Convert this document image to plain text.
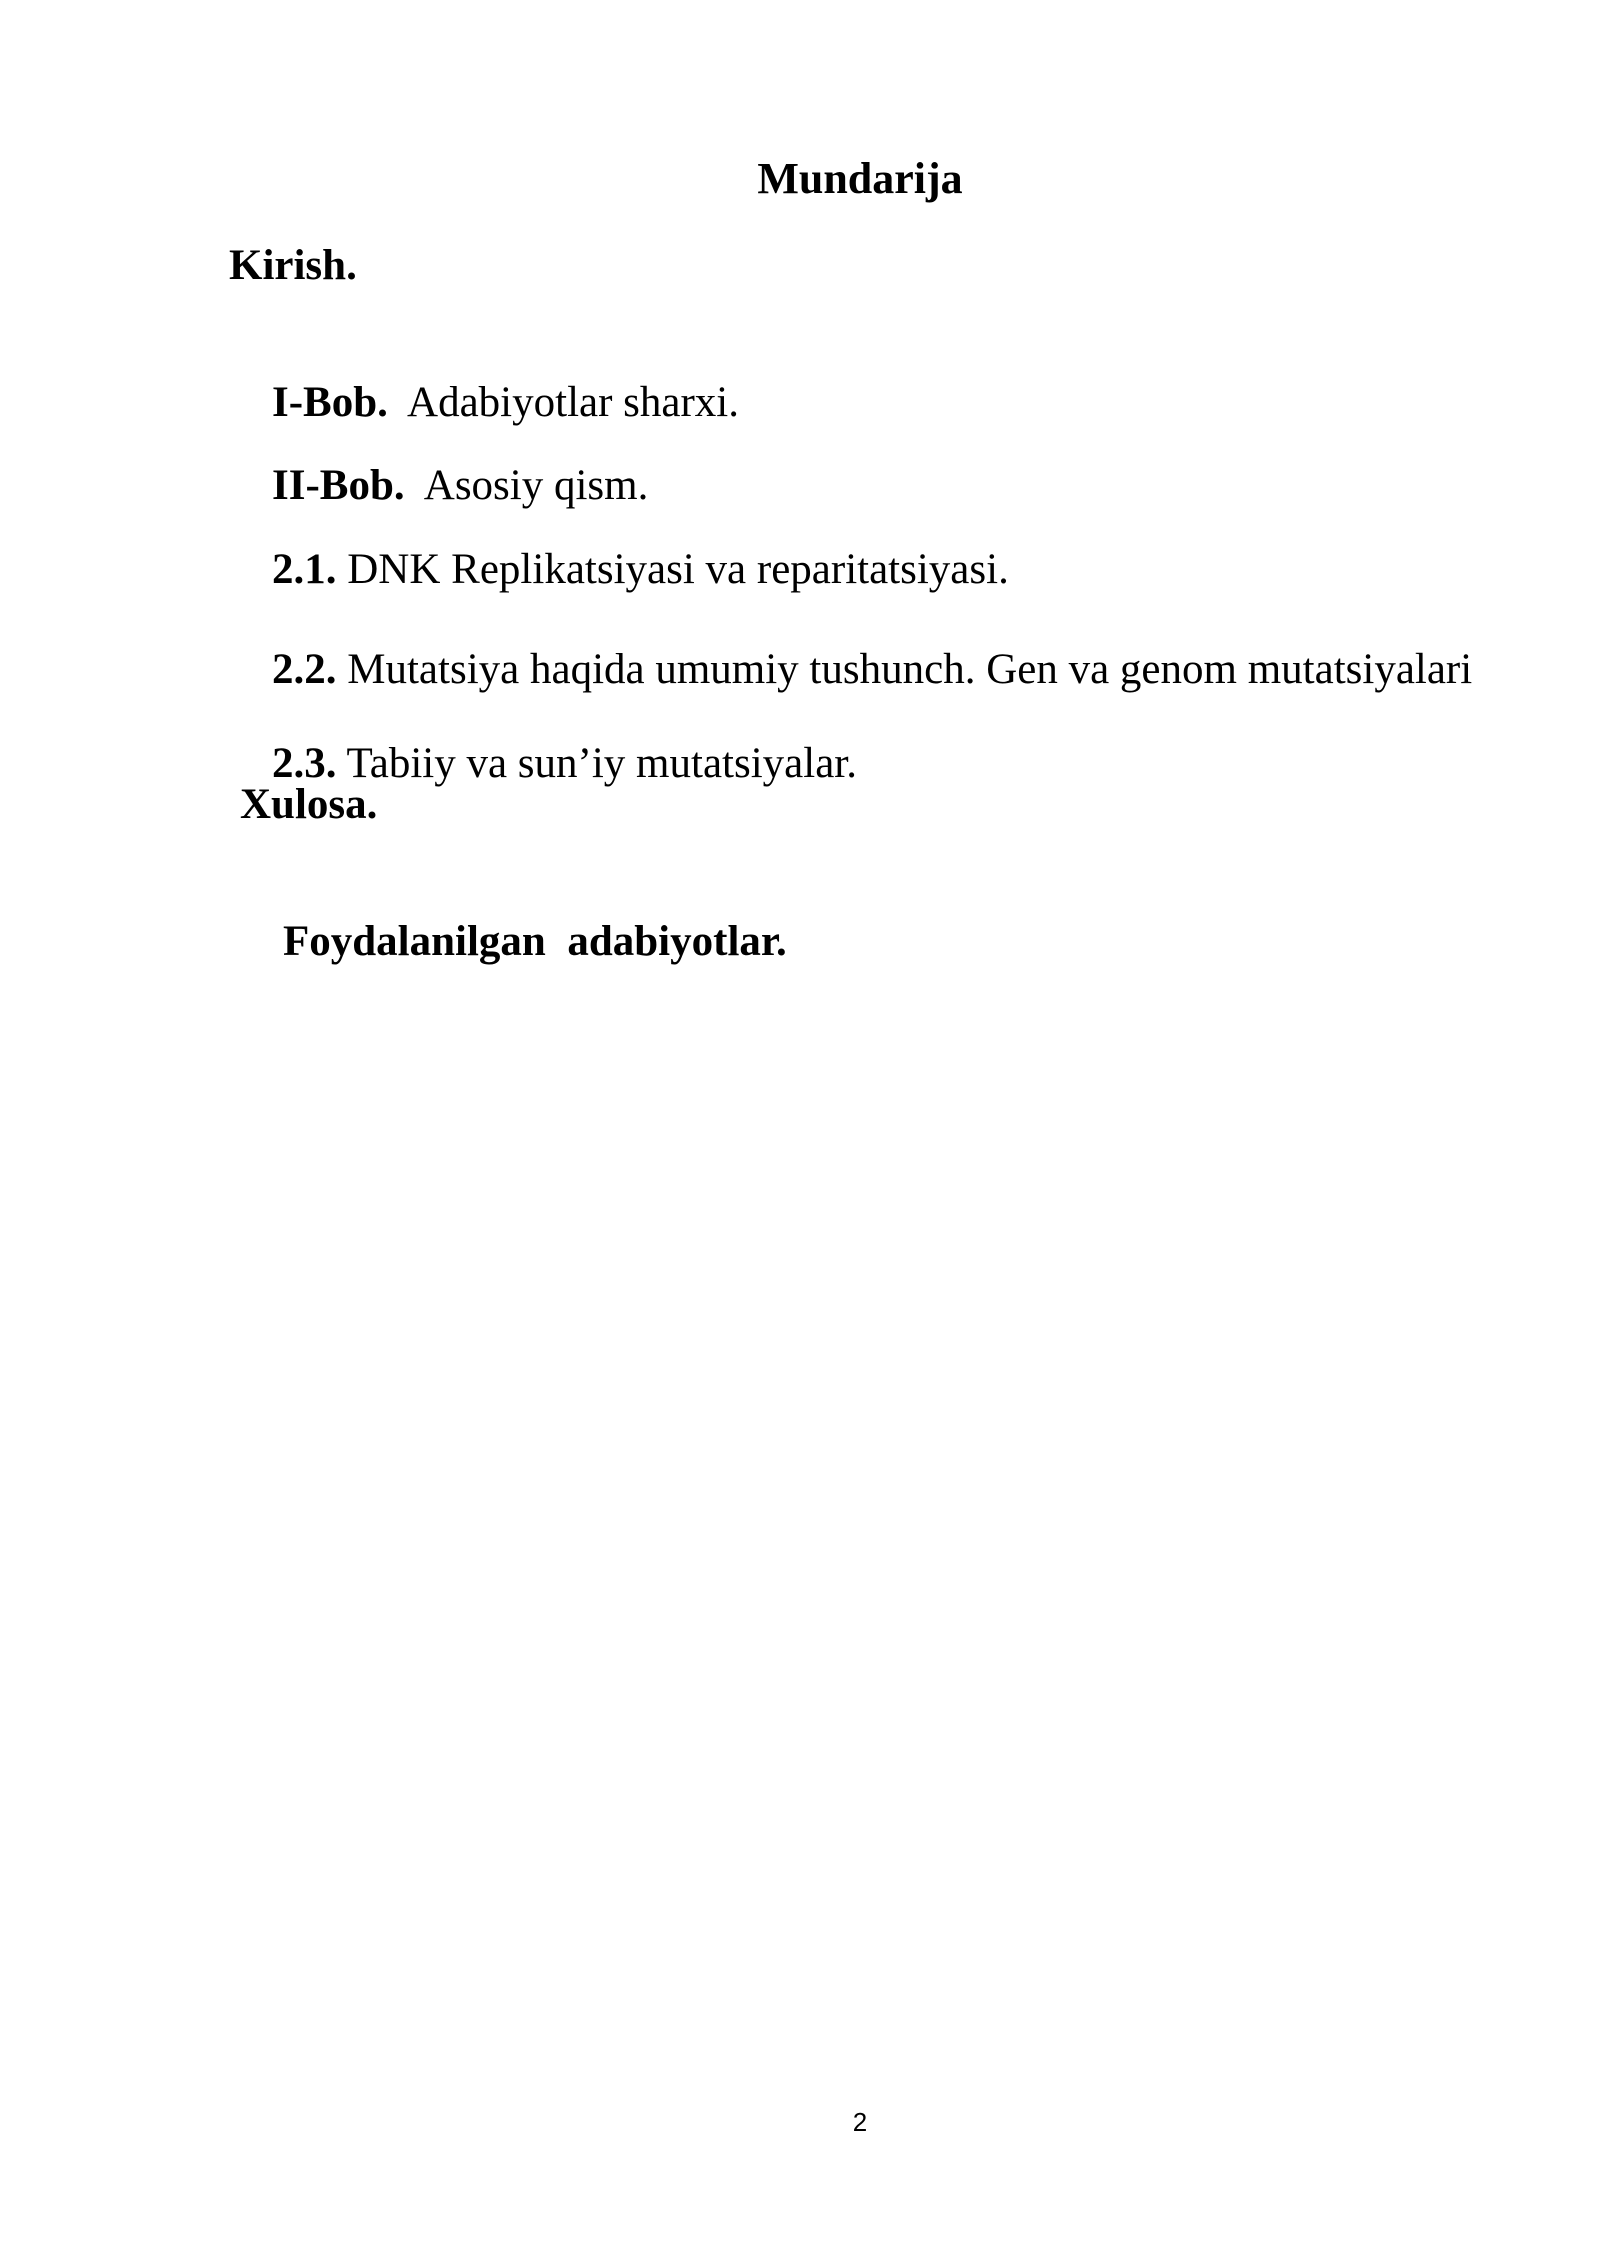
Mundarija
Kirish.

I-Bob.  Adabiyotlar sharxi.

II-Bob.  Asosiy qism.

2.1. DNK Replikatsiyasi va reparitatsiyasi.

2.2. Mutatsiya haqida umumiy tushunch. Gen va genom mutatsiyalari

2.3. Tabiiy va sun’iy mutatsiyalar.

Xulosa.

Foydalanilgan  adabiyotlar.

2
